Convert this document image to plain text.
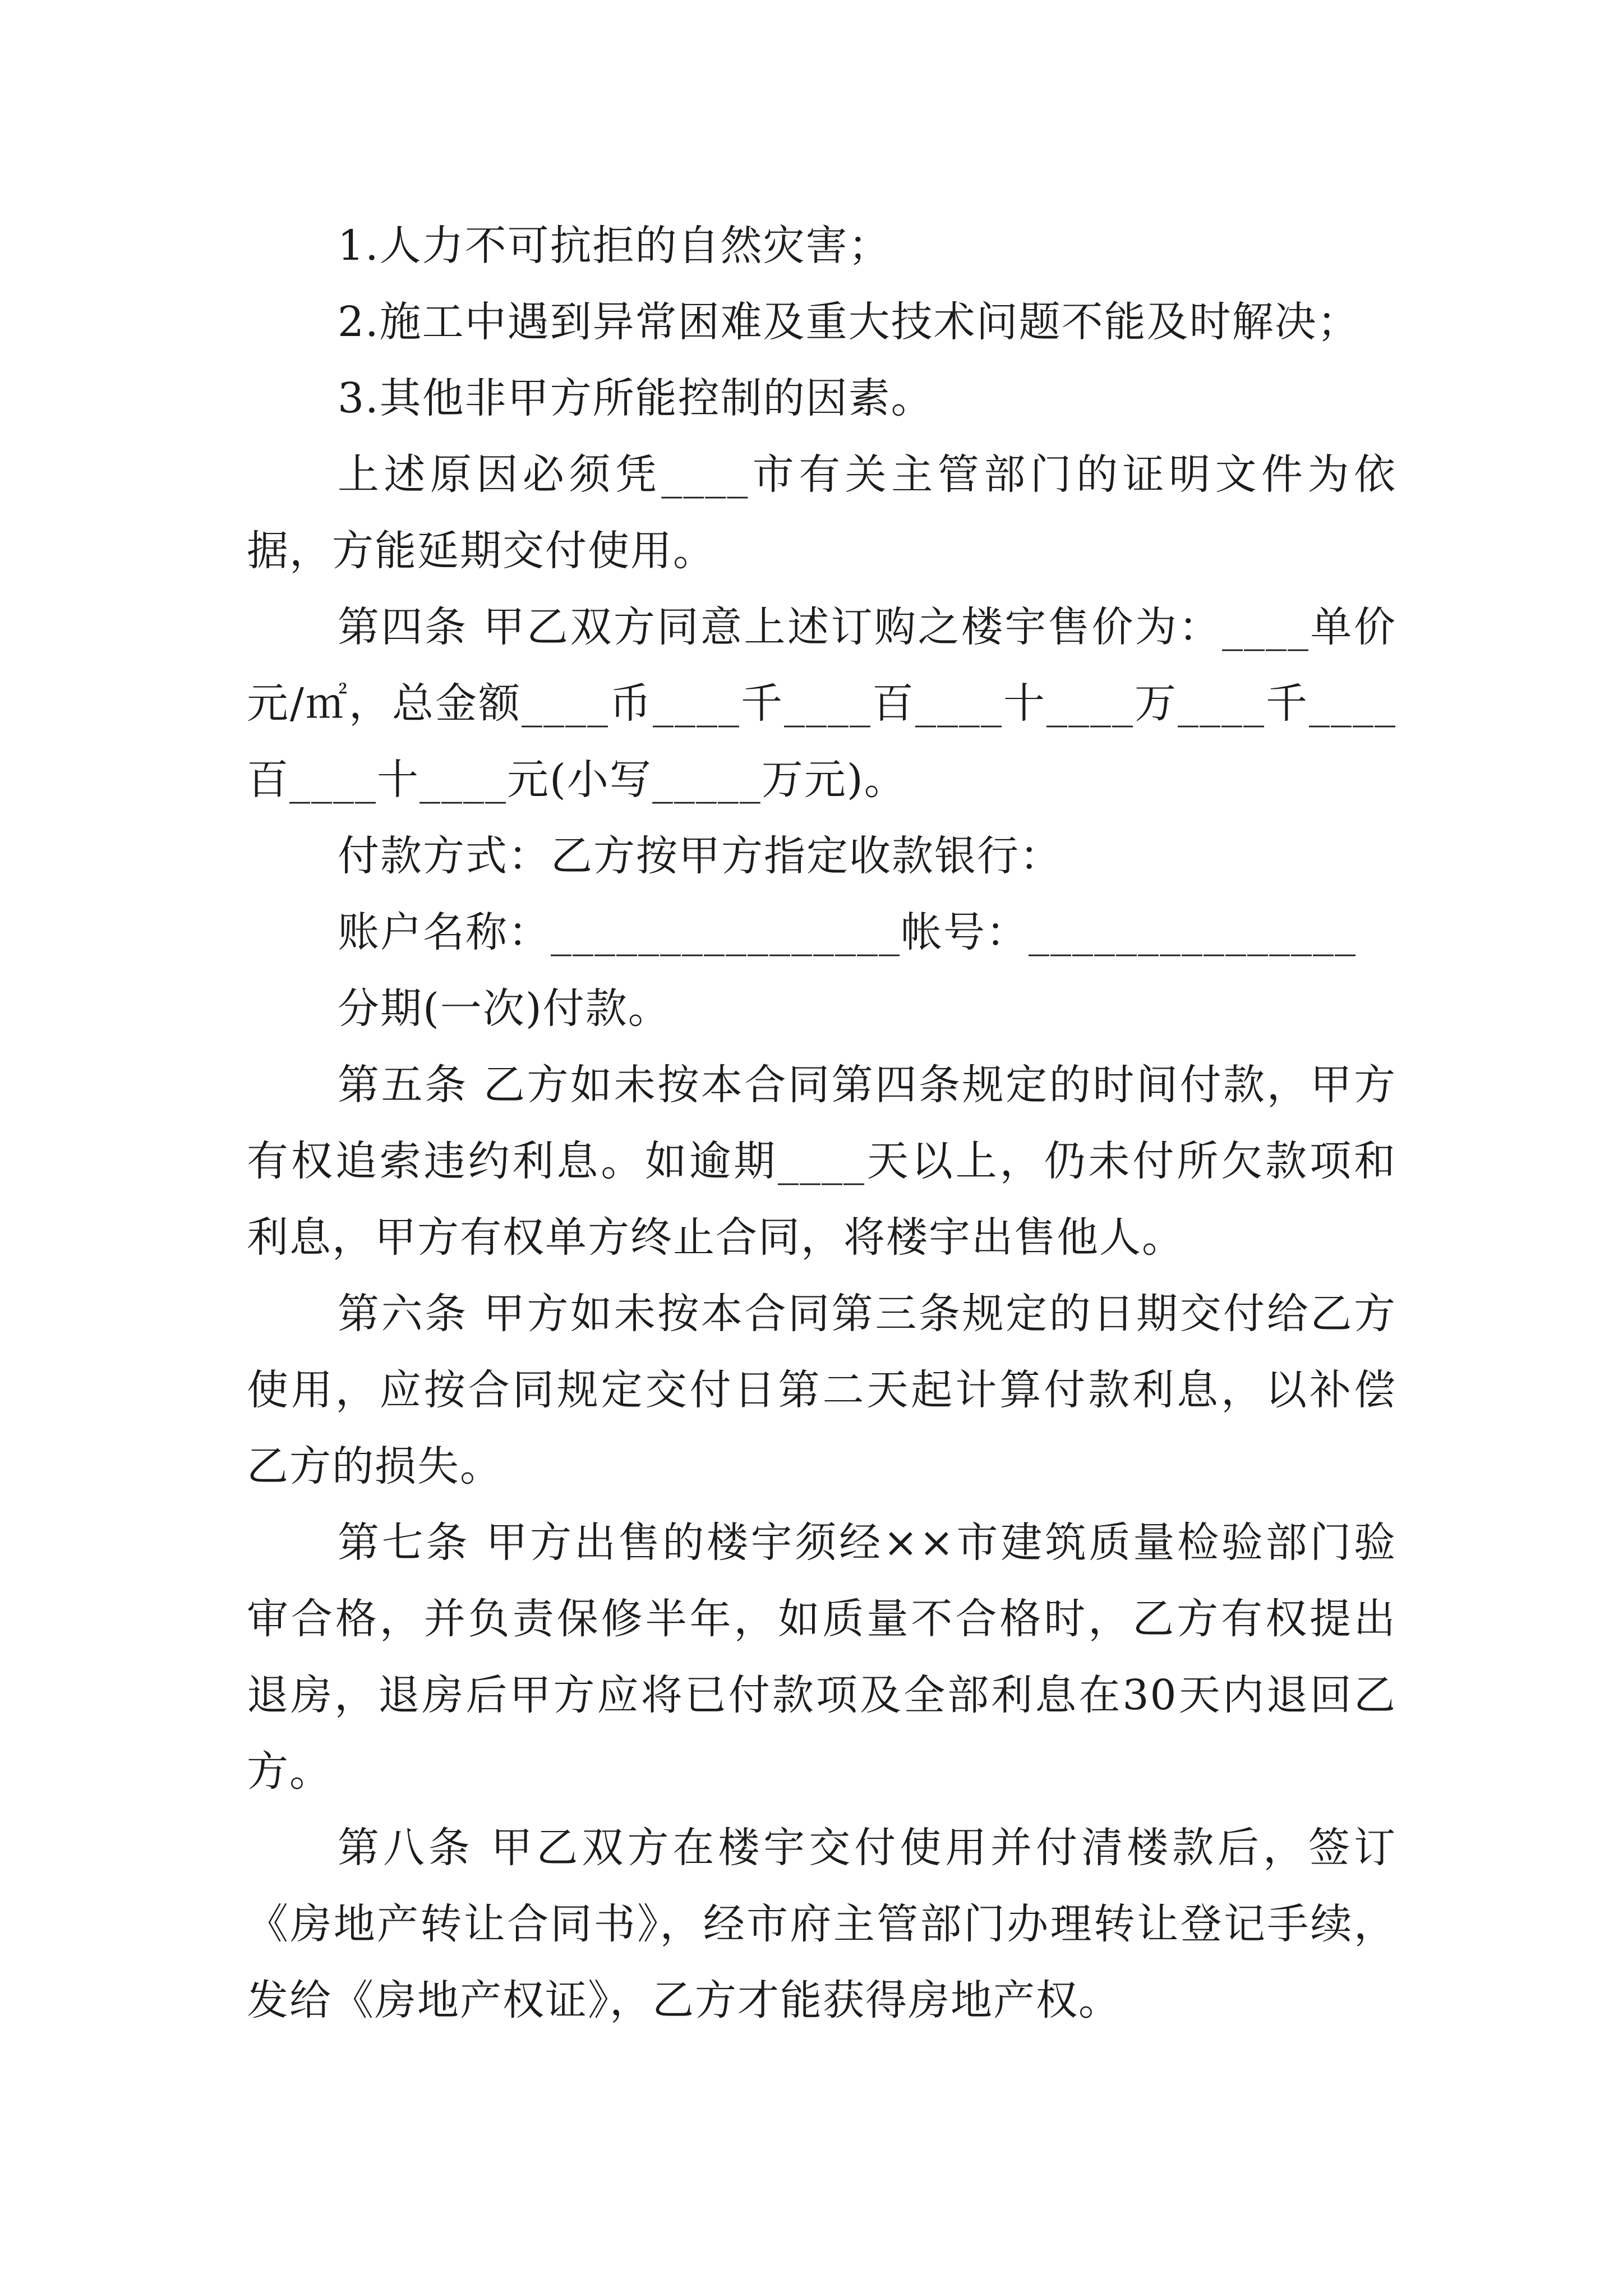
1.人力不可抗拒的自然灾害；

2.施工中遇到异常困难及重大技术问题不能及时解决；

3.其他非甲方所能控制的因素。

上述原因必须凭____市有关主管部门的证明文件为依据，方能延期交付使用。

第四条 甲乙双方同意上述订购之楼宇售价为：____单价元/㎡，总金额____币____千____百____十____万____千____百____十____元(小写_____万元)。

付款方式：乙方按甲方指定收款银行：

账户名称：________________帐号：_______________

分期(一次)付款。

第五条 乙方如未按本合同第四条规定的时间付款，甲方有权追索违约利息。如逾期____天以上，仍未付所欠款项和利息，甲方有权单方终止合同，将楼宇出售他人。

第六条 甲方如未按本合同第三条规定的日期交付给乙方使用，应按合同规定交付日第二天起计算付款利息，以补偿乙方的损失。

第七条 甲方出售的楼宇须经××市建筑质量检验部门验审合格，并负责保修半年，如质量不合格时，乙方有权提出退房，退房后甲方应将已付款项及全部利息在30天内退回乙方。

第八条 甲乙双方在楼宇交付使用并付清楼款后，签订《房地产转让合同书》，经市府主管部门办理转让登记手续，发给《房地产权证》，乙方才能获得房地产权。
